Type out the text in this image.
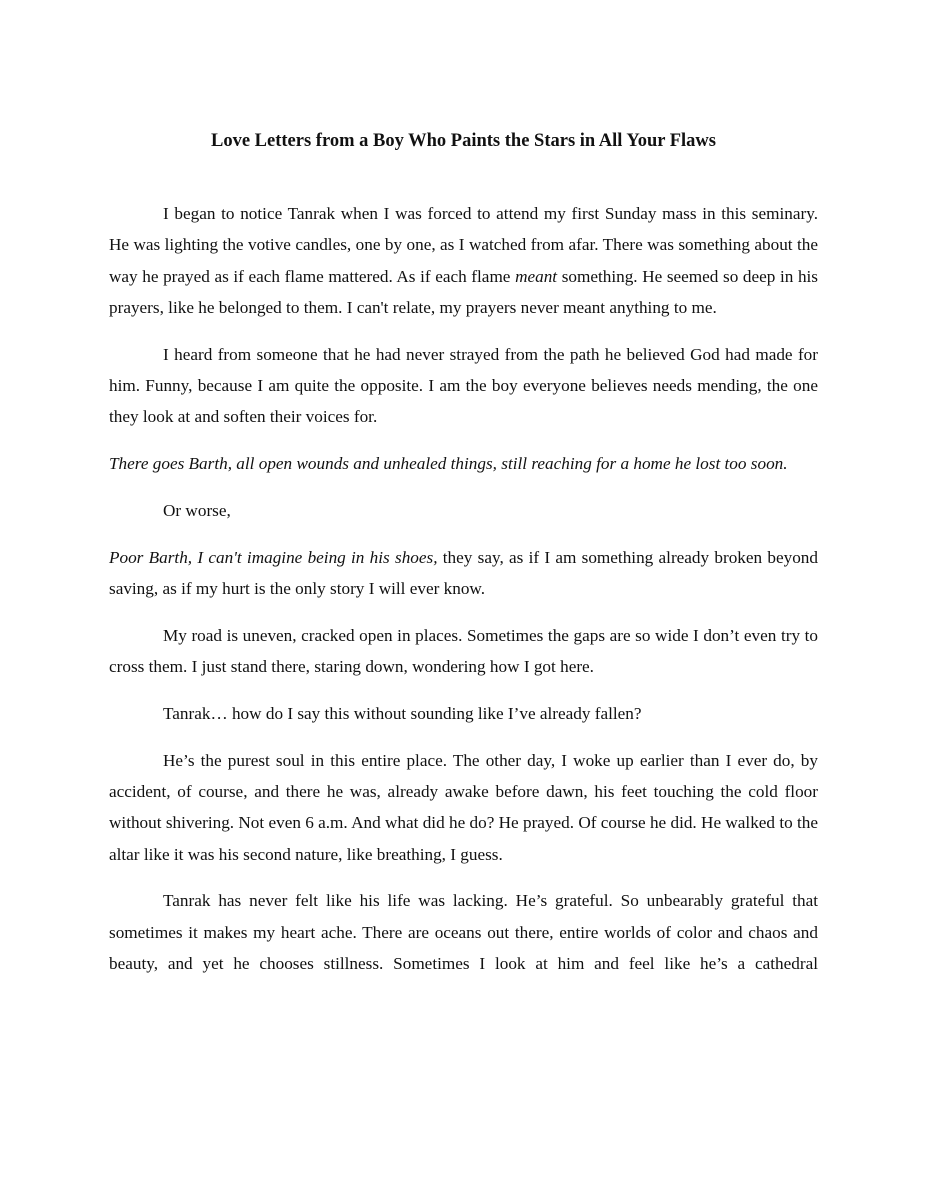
Love Letters from a Boy Who Paints the Stars in All Your Flaws

I began to notice Tanrak when I was forced to attend my first Sunday mass in this seminary. He was lighting the votive candles, one by one, as I watched from afar. There was something about the way he prayed as if each flame mattered. As if each flame meant something. He seemed so deep in his prayers, like he belonged to them. I can't relate, my prayers never meant anything to me.

I heard from someone that he had never strayed from the path he believed God had made for him. Funny, because I am quite the opposite. I am the boy everyone believes needs mending, the one they look at and soften their voices for.

There goes Barth, all open wounds and unhealed things, still reaching for a home he lost too soon.

Or worse,

Poor Barth, I can't imagine being in his shoes, they say, as if I am something already broken beyond saving, as if my hurt is the only story I will ever know.

My road is uneven, cracked open in places. Sometimes the gaps are so wide I don’t even try to cross them. I just stand there, staring down, wondering how I got here.

Tanrak… how do I say this without sounding like I’ve already fallen?

He’s the purest soul in this entire place. The other day, I woke up earlier than I ever do, by accident, of course, and there he was, already awake before dawn, his feet touching the cold floor without shivering. Not even 6 a.m. And what did he do? He prayed. Of course he did. He walked to the altar like it was his second nature, like breathing, I guess.

Tanrak has never felt like his life was lacking. He’s grateful. So unbearably grateful that sometimes it makes my heart ache. There are oceans out there, entire worlds of color and chaos and beauty, and yet he chooses stillness. Sometimes I look at him and feel like he’s a cathedral
